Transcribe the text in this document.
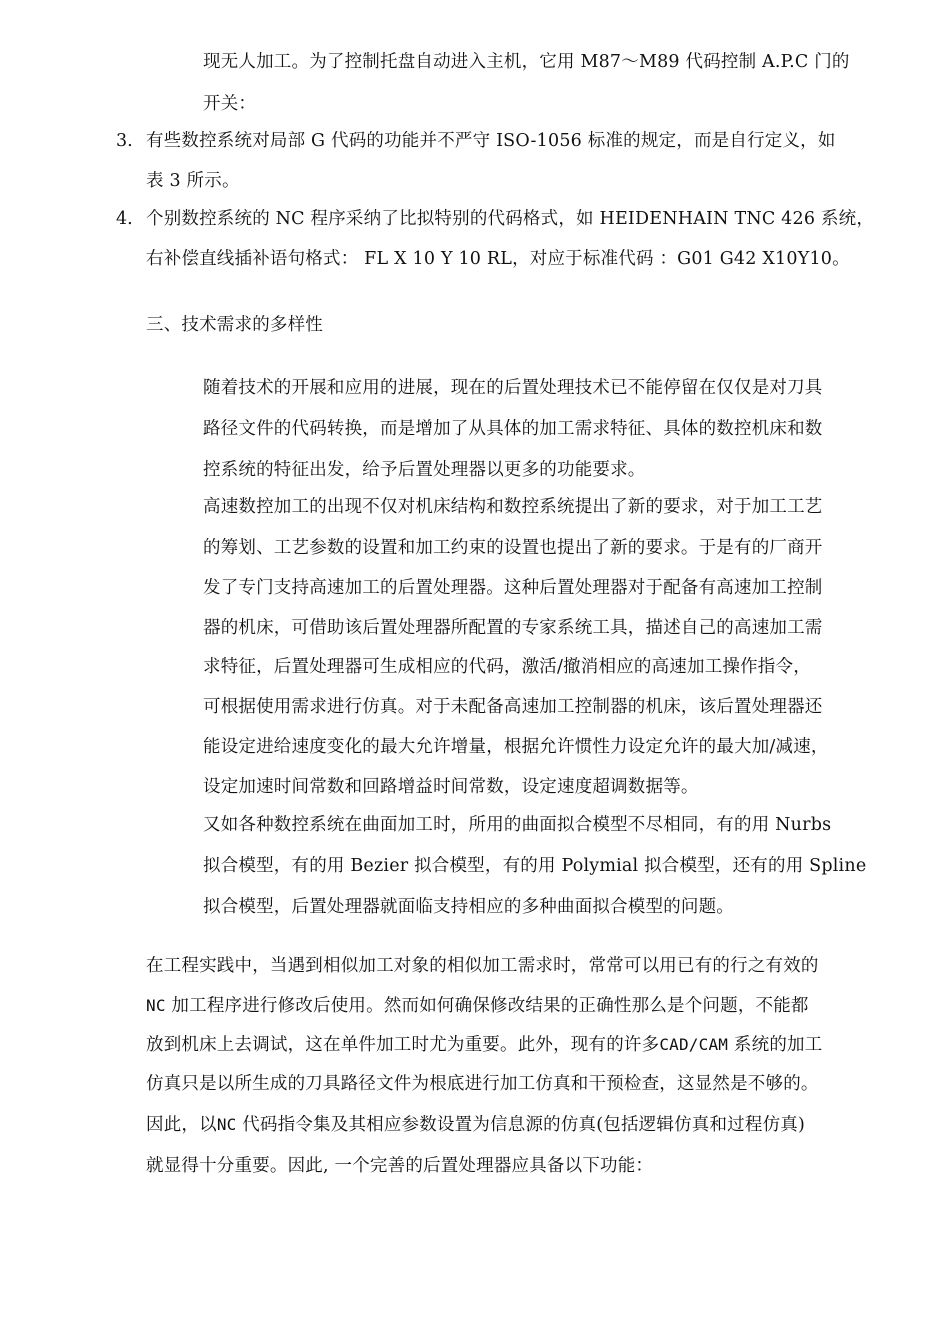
现无人加工。为了控制托盘自动进入主机，它用 M87～M89 代码控制 A.P.C 门的
开关：
3. 有些数控系统对局部 G 代码的功能并不严守 ISO-1056 标准的规定，而是自行定义，如
表 3 所示。
4. 个别数控系统的 NC 程序采纳了比拟特别的代码格式，如 HEIDENHAIN TNC 426 系统，
右补偿直线插补语句格式： FL X 10 Y 10 RL，对应于标准代码 ：G01 G42 X10Y10。
三、技术需求的多样性
随着技术的开展和应用的进展，现在的后置处理技术已不能停留在仅仅是对刀具
路径文件的代码转换，而是增加了从具体的加工需求特征、具体的数控机床和数
控系统的特征出发，给予后置处理器以更多的功能要求。
高速数控加工的出现不仅对机床结构和数控系统提出了新的要求，对于加工工艺
的筹划、工艺参数的设置和加工约束的设置也提出了新的要求。于是有的厂商开
发了专门支持高速加工的后置处理器。这种后置处理器对于配备有高速加工控制
器的机床，可借助该后置处理器所配置的专家系统工具，描述自己的高速加工需
求特征，后置处理器可生成相应的代码，激活/撤消相应的高速加工操作指令，
可根据使用需求进行仿真。对于未配备高速加工控制器的机床，该后置处理器还
能设定进给速度变化的最大允许增量，根据允许惯性力设定允许的最大加/减速，
设定加速时间常数和回路增益时间常数，设定速度超调数据等。
又如各种数控系统在曲面加工时，所用的曲面拟合模型不尽相同，有的用 Nurbs
拟合模型，有的用 Bezier 拟合模型，有的用 Polymial 拟合模型，还有的用 Spline
拟合模型，后置处理器就面临支持相应的多种曲面拟合模型的问题。
在工程实践中，当遇到相似加工对象的相似加工需求时，常常可以用已有的行之有效的
NC 加工程序进行修改后使用。然而如何确保修改结果的正确性那么是个问题，不能都
放到机床上去调试，这在单件加工时尤为重要。此外，现有的许多CAD/CAM 系统的加工
仿真只是以所生成的刀具路径文件为根底进行加工仿真和干预检查，这显然是不够的。
因此，以NC 代码指令集及其相应参数设置为信息源的仿真(包括逻辑仿真和过程仿真)
就显得十分重要。因此, 一个完善的后置处理器应具备以下功能：
